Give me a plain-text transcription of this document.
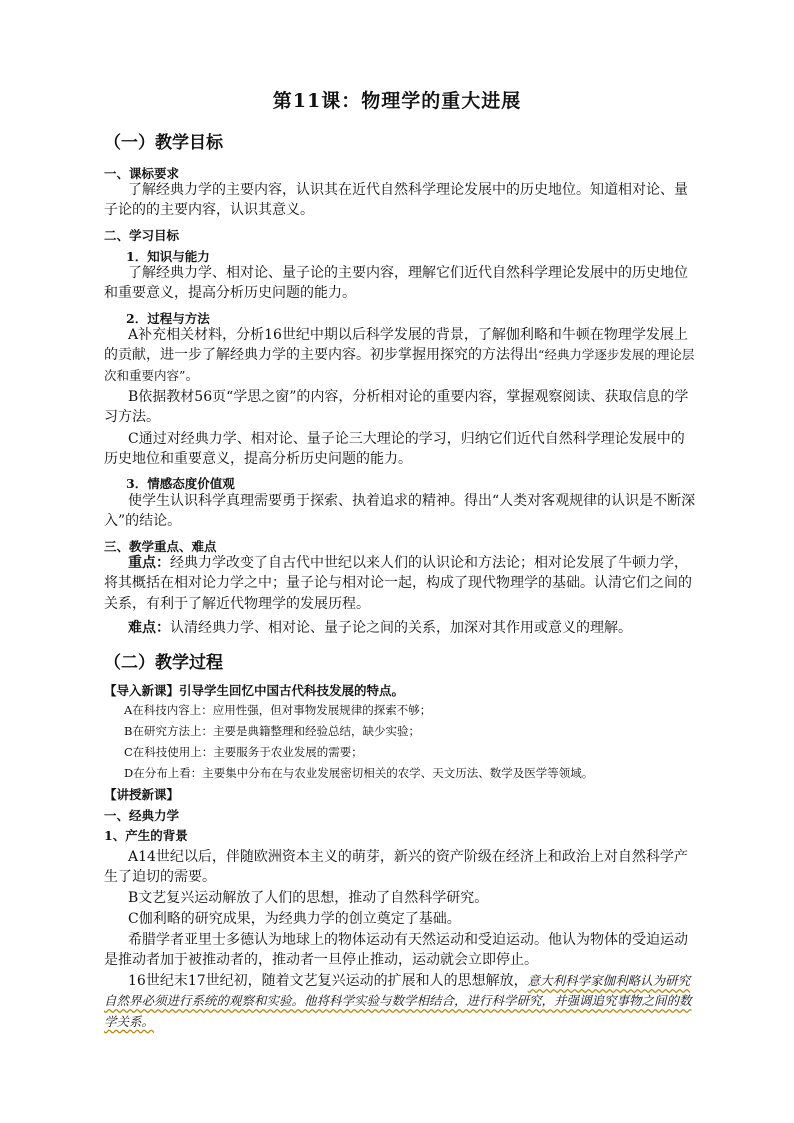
第11课：物理学的重大进展
（一）教学目标
一、课标要求

了解经典力学的主要内容，认识其在近代自然科学理论发展中的历史地位。知道相对论、量子论的的主要内容，认识其意义。

二、学习目标
1．知识与能力

了解经典力学、相对论、量子论的主要内容，理解它们近代自然科学理论发展中的历史地位和重要意义，提高分析历史问题的能力。

2．过程与方法

A补充相关材料，分析16世纪中期以后科学发展的背景，了解伽利略和牛顿在物理学发展上的贡献，进一步了解经典力学的主要内容。初步掌握用探究的方法得出“经典力学逐步发展的理论层次和重要内容”。

B依据教材56页“学思之窗”的内容，分析相对论的重要内容，掌握观察阅读、获取信息的学习方法。

C通过对经典力学、相对论、量子论三大理论的学习，归纳它们近代自然科学理论发展中的历史地位和重要意义，提高分析历史问题的能力。

3．情感态度价值观

使学生认识科学真理需要勇于探索、执着追求的精神。得出“人类对客观规律的认识是不断深入”的结论。

三、教学重点、难点

重点：经典力学改变了自古代中世纪以来人们的认识论和方法论；相对论发展了牛顿力学，将其概括在相对论力学之中；量子论与相对论一起，构成了现代物理学的基础。认清它们之间的关系，有利于了解近代物理学的发展历程。

难点：认清经典力学、相对论、量子论之间的关系，加深对其作用或意义的理解。

（二）教学过程
【导入新课】引导学生回忆中国古代科技发展的特点。
A在科技内容上：应用性强，但对事物发展规律的探索不够；
B在研究方法上：主要是典籍整理和经验总结，缺少实验；
C在科技使用上：主要服务于农业发展的需要；
D在分布上看：主要集中分布在与农业发展密切相关的农学、天文历法、数学及医学等领域。
【讲授新课】
一、经典力学
1、产生的背景

A14世纪以后，伴随欧洲资本主义的萌芽，新兴的资产阶级在经济上和政治上对自然科学产生了迫切的需要。

B文艺复兴运动解放了人们的思想，推动了自然科学研究。

C伽利略的研究成果，为经典力学的创立奠定了基础。

希腊学者亚里士多德认为地球上的物体运动有天然运动和受迫运动。他认为物体的受迫运动是推动者加于被推动者的，推动者一旦停止推动，运动就会立即停止。

16世纪末17世纪初，随着文艺复兴运动的扩展和人的思想解放，意大利科学家伽利略认为研究自然界必须进行系统的观察和实验。他将科学实验与数学相结合，进行科学研究，并强调追究事物之间的数学关系。
